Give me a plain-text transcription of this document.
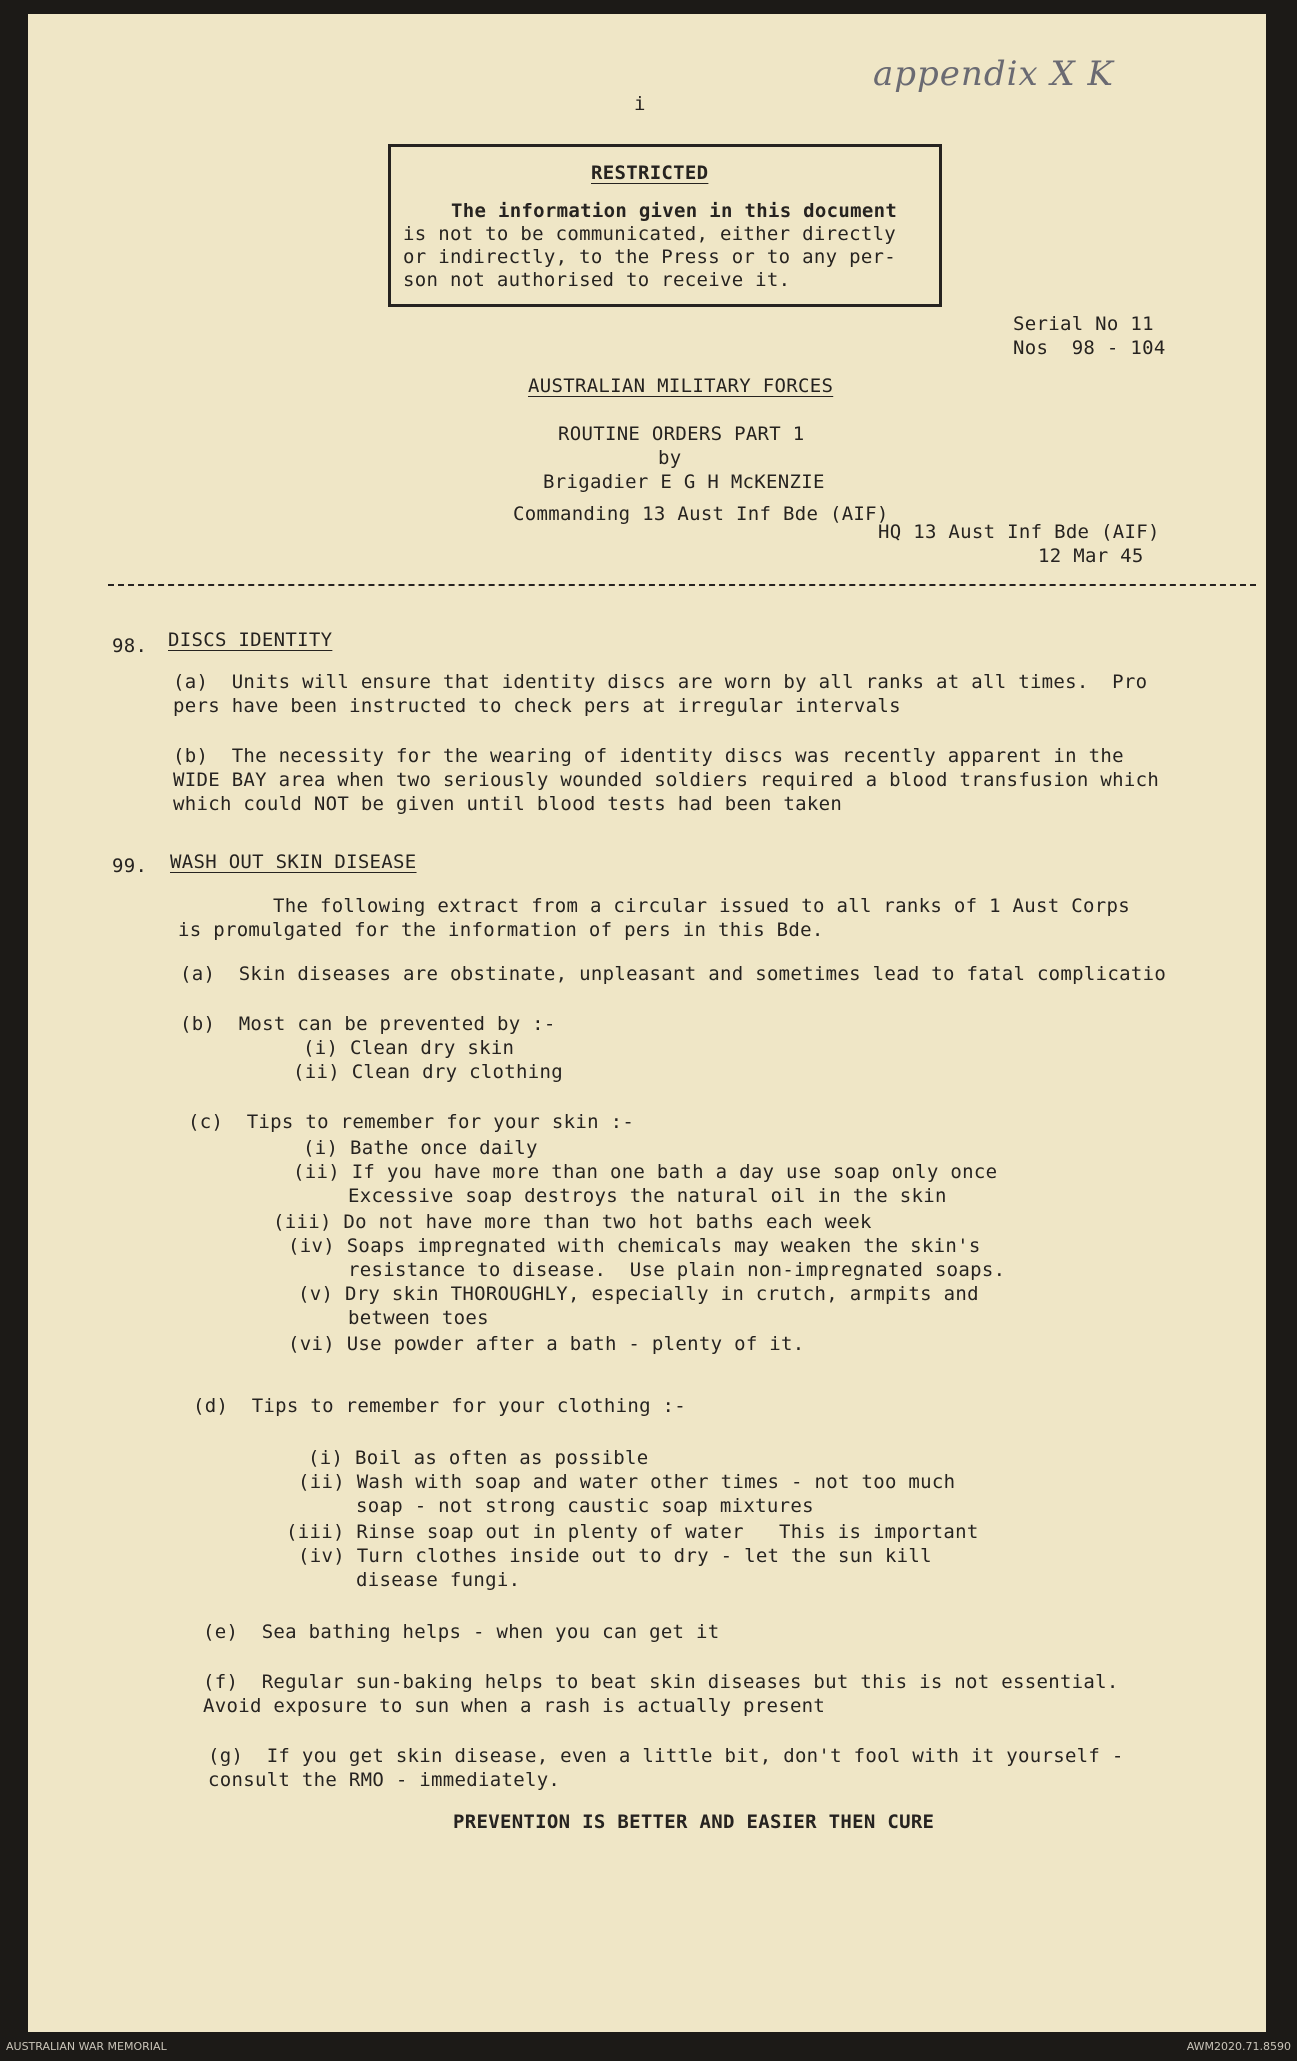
appendix X K
i
RESTRICTED
The information given in this document
is not to be communicated, either directly
or indirectly, to the Press or to any per-
son not authorised to receive it.
Serial No 11
Nos  98 - 104
AUSTRALIAN MILITARY FORCES
ROUTINE ORDERS PART 1
by
Brigadier E G H McKENZIE
Commanding 13 Aust Inf Bde (AIF)
HQ 13 Aust Inf Bde (AIF)
12 Mar 45
98. DISCS IDENTITY
(a)  Units will ensure that identity discs are worn by all ranks at all times.  Pro
pers have been instructed to check pers at irregular intervals
(b)  The necessity for the wearing of identity discs was recently apparent in the
WIDE BAY area when two seriously wounded soldiers required a blood transfusion which
which could NOT be given until blood tests had been taken
99. WASH OUT SKIN DISEASE
The following extract from a circular issued to all ranks of 1 Aust Corps
is promulgated for the information of pers in this Bde.
(a)  Skin diseases are obstinate, unpleasant and sometimes lead to fatal complicatio
(b)  Most can be prevented by :-
(i) Clean dry skin
(ii) Clean dry clothing
(c)  Tips to remember for your skin :-
(i) Bathe once daily
(ii) If you have more than one bath a day use soap only once
Excessive soap destroys the natural oil in the skin
(iii) Do not have more than two hot baths each week
(iv) Soaps impregnated with chemicals may weaken the skin's
resistance to disease.  Use plain non-impregnated soaps.
(v) Dry skin THOROUGHLY, especially in crutch, armpits and
between toes
(vi) Use powder after a bath - plenty of it.
(d)  Tips to remember for your clothing :-
(i) Boil as often as possible
(ii) Wash with soap and water other times - not too much
soap - not strong caustic soap mixtures
(iii) Rinse soap out in plenty of water   This is important
(iv) Turn clothes inside out to dry - let the sun kill
disease fungi.
(e)  Sea bathing helps - when you can get it
(f)  Regular sun-baking helps to beat skin diseases but this is not essential.
Avoid exposure to sun when a rash is actually present
(g)  If you get skin disease, even a little bit, don't fool with it yourself -
consult the RMO - immediately.
PREVENTION IS BETTER AND EASIER THEN CURE
AUSTRALIAN WAR MEMORIAL	AWM2020.71.8590
